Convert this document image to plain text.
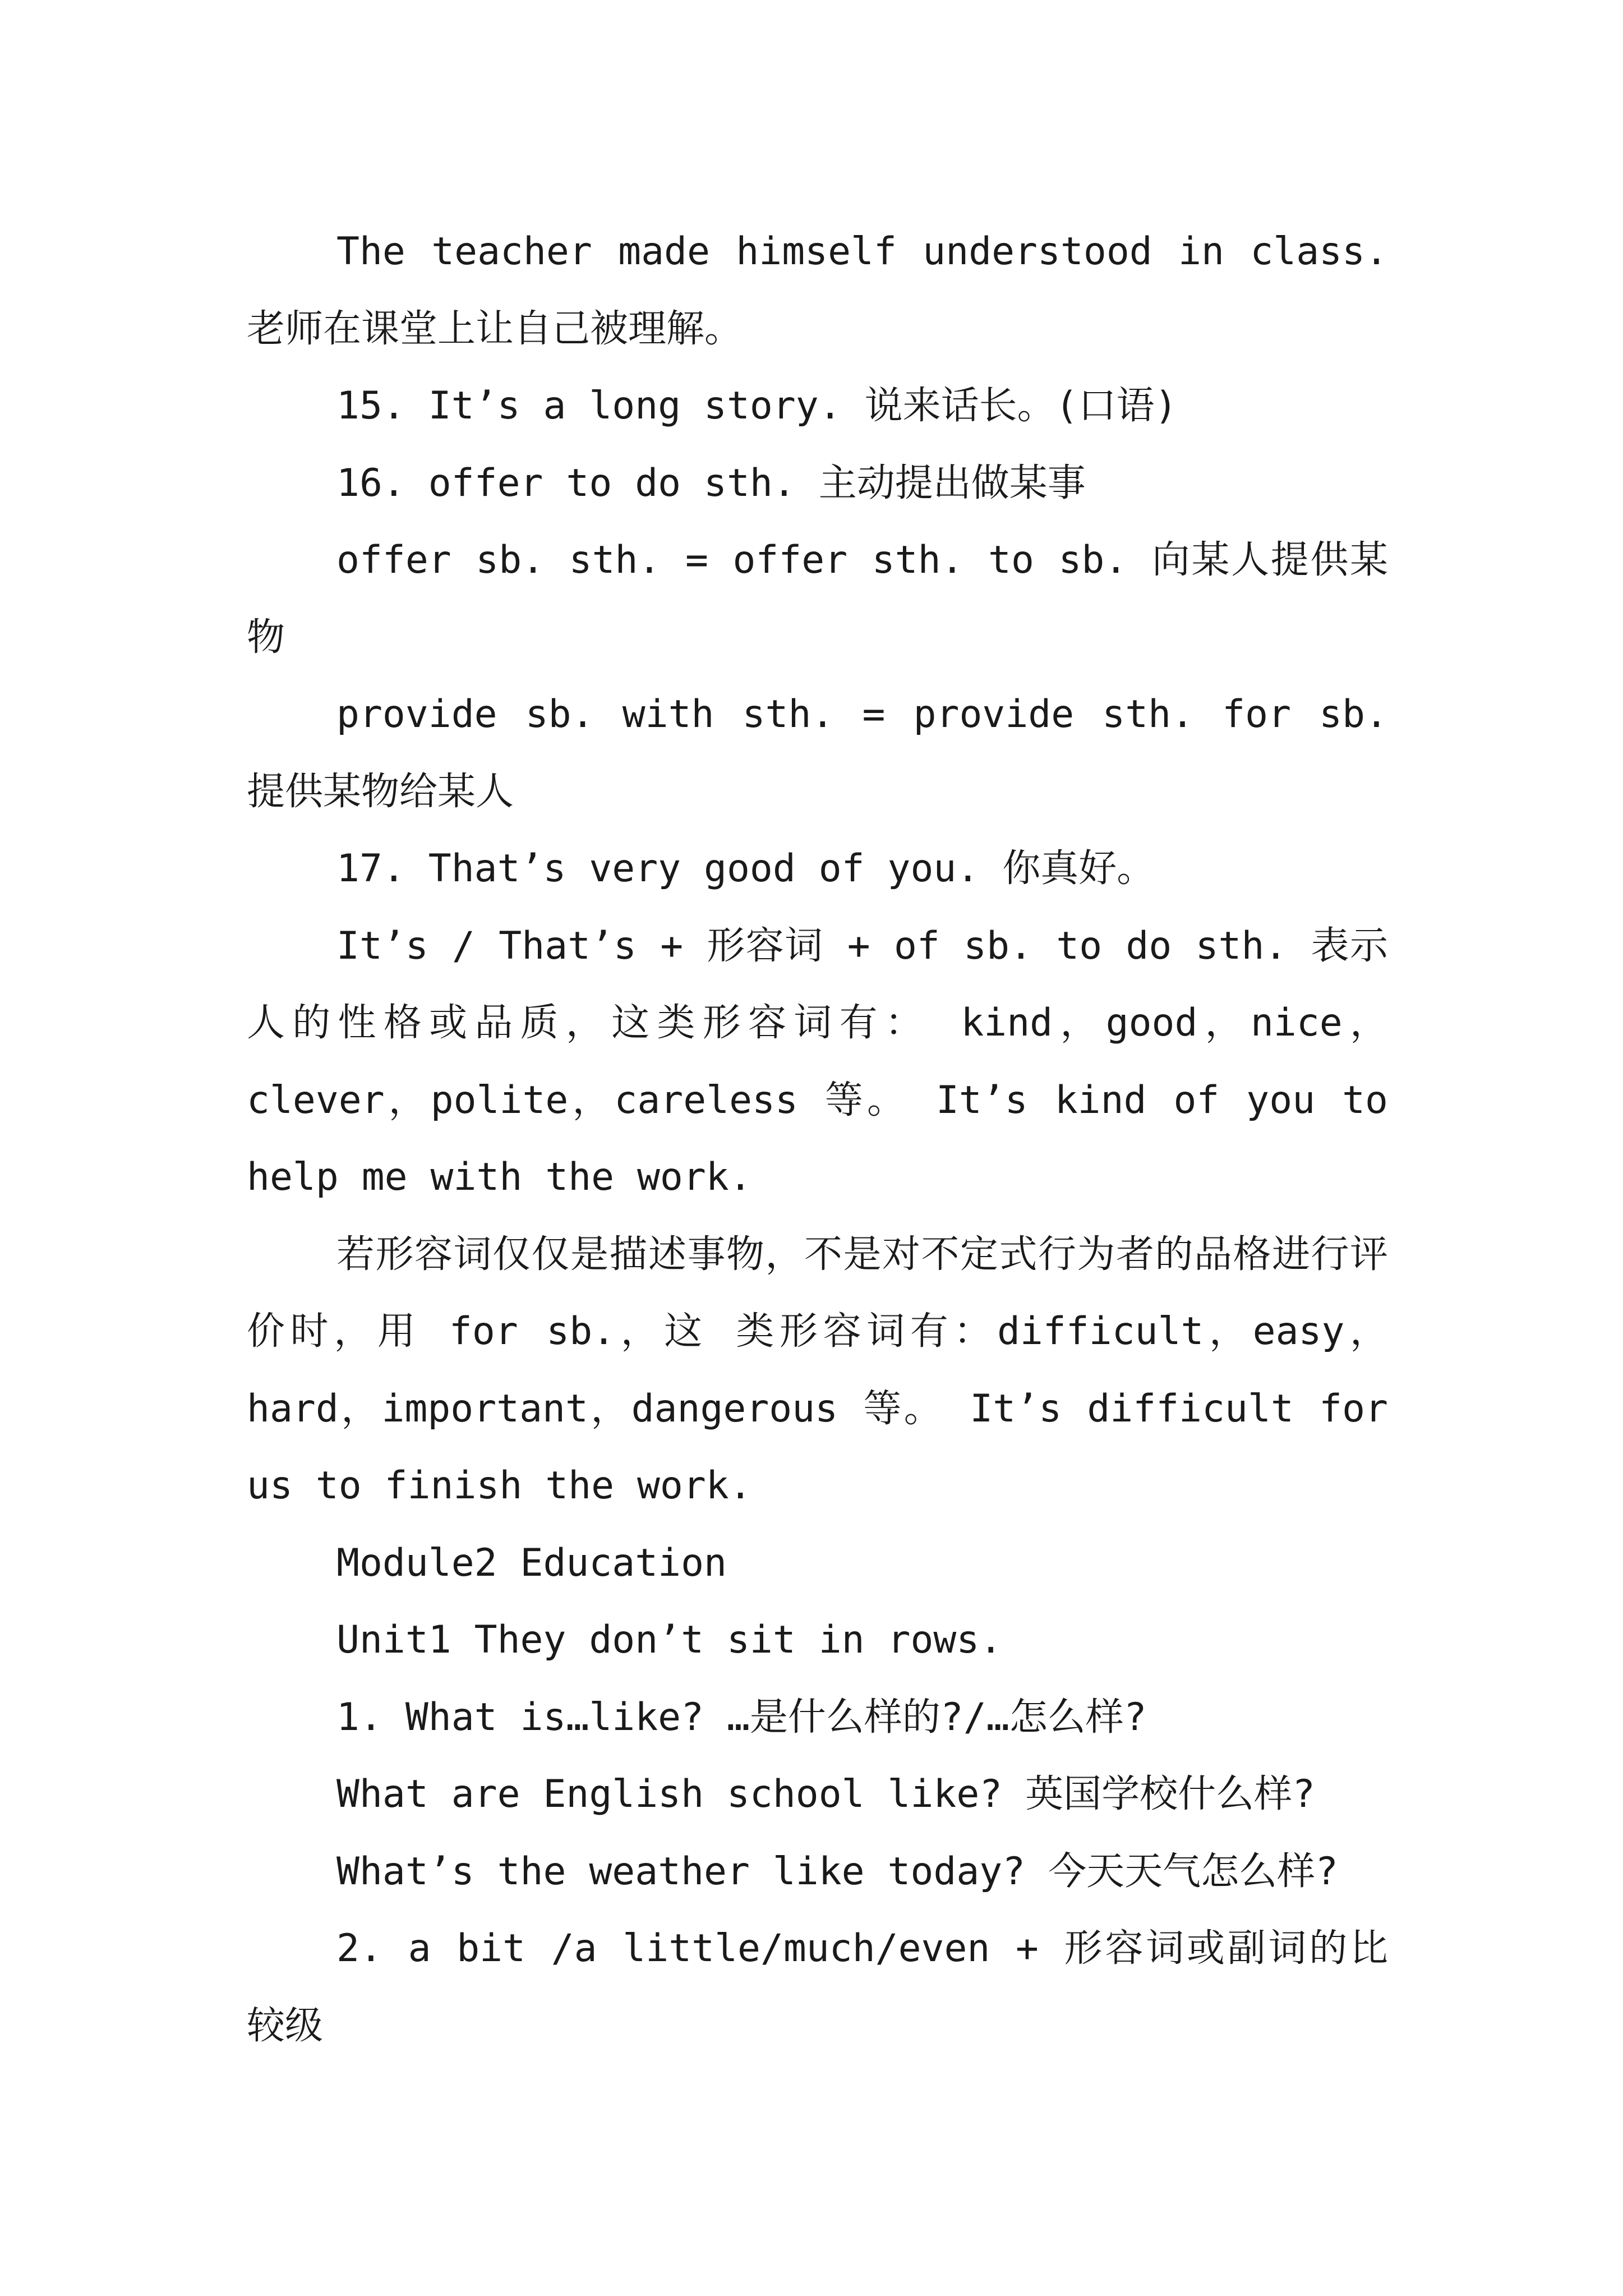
The teacher made himself understood in class. 老师在课堂上让自己被理解。

15. It’s a long story. 说来话长。(口语)

16. offer to do sth. 主动提出做某事

offer sb. sth. = offer sth. to sb. 向某人提供某物

provide sb. with sth. = provide sth. for sb. 提供某物给某人

17. That’s very good of you. 你真好。

It’s / That’s + 形容词 + of sb. to do sth. 表示人的性格或品质，这类形容词有： kind，good，nice，clever，polite，careless 等。 It’s kind of you to help me with the work.

若形容词仅仅是描述事物，不是对不定式行为者的品格进行评价时，用 for sb.，这 类形容词有：difficult，easy，hard，important，dangerous 等。 It’s difficult for us to finish the work.

Module2 Education

Unit1 They don’t sit in rows.

1. What is…like? …是什么样的?/…怎么样?

What are English school like? 英国学校什么样?

What’s the weather like today? 今天天气怎么样?

2. a bit /a little/much/even + 形容词或副词的比较级
